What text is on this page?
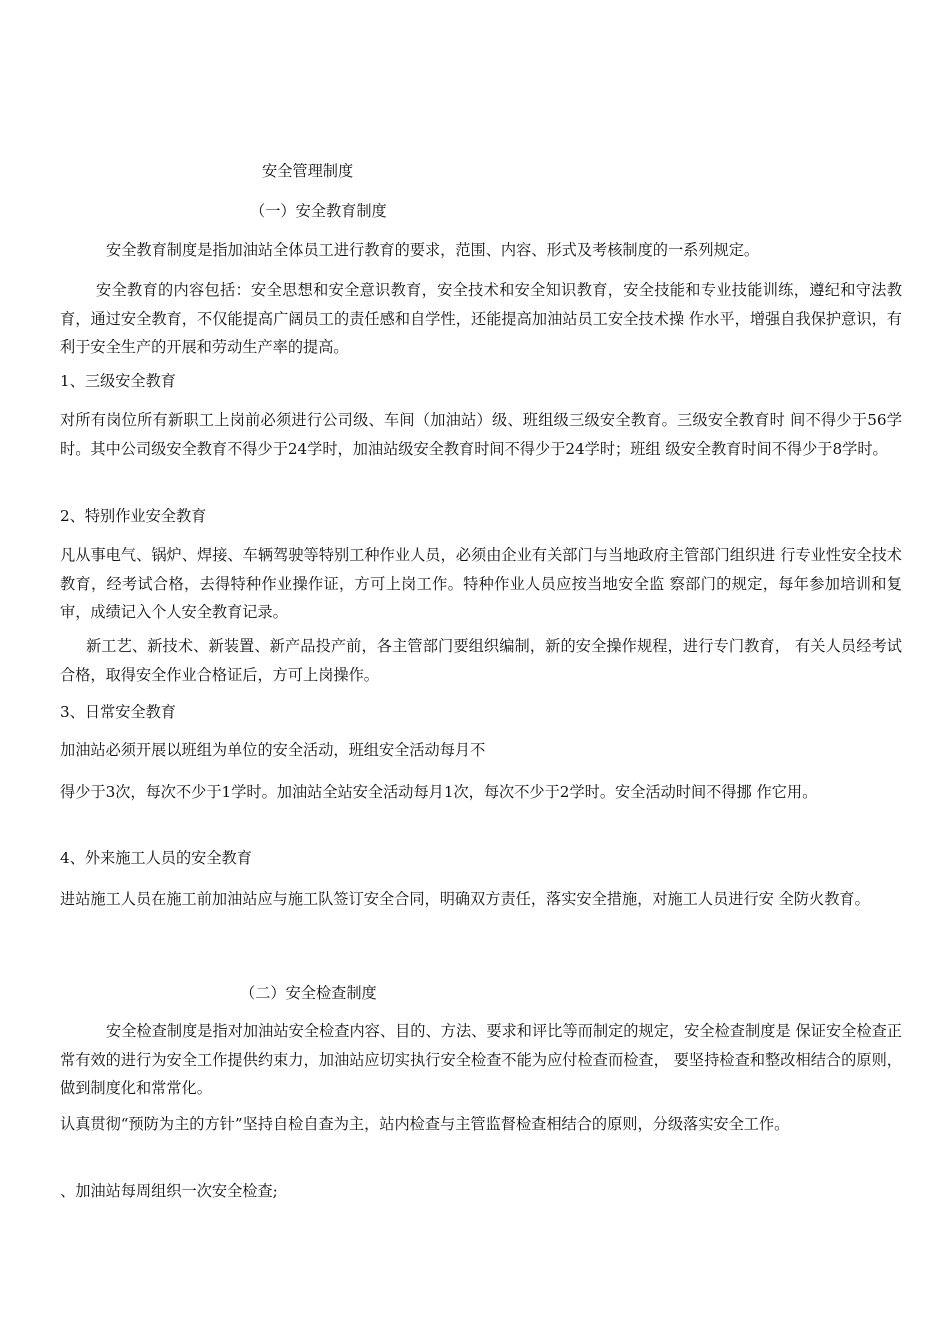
安全管理制度

（一）安全教育制度

安全教育制度是指加油站全体员工进行教育的要求，范围、内容、形式及考核制度的一系列规定。

安全教育的内容包括：安全思想和安全意识教育，安全技术和安全知识教育，安全技能和专业技能训练，遵纪和守法教育，通过安全教育，不仅能提高广阔员工的责任感和自学性，还能提高加油站员工安全技术操 作水平，增强自我保护意识，有利于安全生产的开展和劳动生产率的提高。

1、三级安全教育

对所有岗位所有新职工上岗前必须进行公司级、车间（加油站）级、班组级三级安全教育。三级安全教育时 间不得少于56学时。其中公司级安全教育不得少于24学时，加油站级安全教育时间不得少于24学时；班组 级安全教育时间不得少于8学时。

2、特别作业安全教育

凡从事电气、锅炉、焊接、车辆驾驶等特别工种作业人员，必须由企业有关部门与当地政府主管部门组织进 行专业性安全技术教育，经考试合格，去得特种作业操作证，方可上岗工作。特种作业人员应按当地安全监 察部门的规定，每年参加培训和复审，成绩记入个人安全教育记录。

新工艺、新技术、新装置、新产品投产前，各主管部门要组织编制，新的安全操作规程，进行专门教育， 有关人员经考试合格，取得安全作业合格证后，方可上岗操作。

3、日常安全教育

加油站必须开展以班组为单位的安全活动，班组安全活动每月不

得少于3次，每次不少于1学时。加油站全站安全活动每月1次，每次不少于2学时。安全活动时间不得挪 作它用。

4、外来施工人员的安全教育

进站施工人员在施工前加油站应与施工队签订安全合同，明确双方责任，落实安全措施，对施工人员进行安 全防火教育。

（二）安全检查制度

安全检查制度是指对加油站安全检查内容、目的、方法、要求和评比等而制定的规定，安全检查制度是 保证安全检查正常有效的进行为安全工作提供约束力，加油站应切实执行安全检查不能为应付检查而检查， 要坚持检查和整改相结合的原则，做到制度化和常常化。

认真贯彻“预防为主的方针”坚持自检自查为主，站内检查与主管监督检查相结合的原则，分级落实安全工作。

、加油站每周组织一次安全检查;
